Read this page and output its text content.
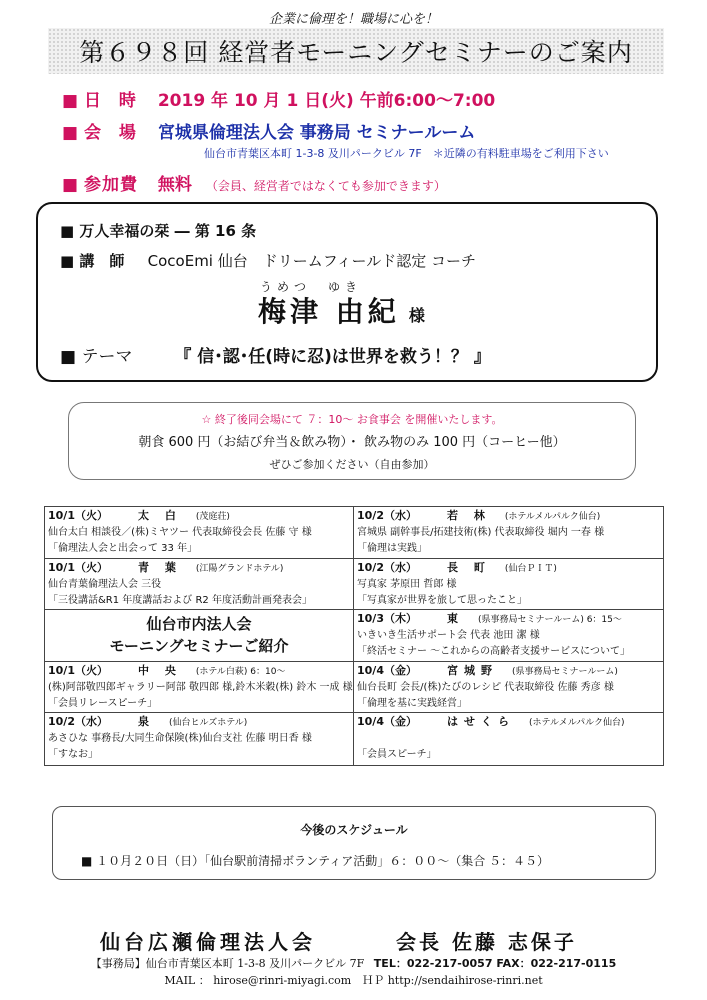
企業に倫理を！職場に心を！
第６９８回 経営者モーニングセミナーのご案内
■ 日 時 2019 年 10 月 1 日(火) 午前6:00～7:00
■ 会 場 宮城県倫理法人会 事務局 セミナールーム
仙台市青葉区本町 1-3-8 及川パークビル 7F　＊近隣の有料駐車場をご利用下さい
■ 参加費 無料 （会員、経営者ではなくても参加できます）
■ 万人幸福の栞 ― 第 16 条
■ 講　師 CocoEmi 仙台　ドリームフィールド認定 コーチ
うめつ　ゆき
梅津 由紀 様
■ テーマ 『 信･認･任(時に忍)は世界を救う！？ 』
☆ 終了後同会場にて ７：10～ お食事会 を開催いたします。
朝食 600 円（お結び弁当＆飲み物）・ 飲み物のみ 100 円（コーヒー他）
ぜひご参加ください（自由参加）
10/1（火）	太 白 (茂庭荘)
仙台太白 相談役／(株)ミヤツー 代表取締役会長 佐藤 守 様
「倫理法人会と出会って 33 年」
10/2（水）	若 林 (ホテルメルパルク仙台)
宮城県 副幹事長/拓建技術(株) 代表取締役 堀内 一春 様
「倫理は実践」
10/1（火）	青 葉 (江陽グランドホテル)
仙台青葉倫理法人会 三役
「三役講話&R1 年度講話および R2 年度活動計画発表会」
10/2（水）	長 町 (仙台ＰＩＴ)
写真家 茅原田 哲郎 様
「写真家が世界を旅して思ったこと」
仙台市内法人会
モーニングセミナーご紹介
10/3（木）	東 (県事務局セミナールーム) 6：15～
いきいき生活サポート会 代表 池田 潔 様
「終活セミナー ～これからの高齢者支援サービスについて」
10/1（火）	中 央 (ホテル白萩) 6：10～
(株)阿部敬四郎ギャラリー阿部 敬四郎 様,鈴木米穀(株) 鈴木 一成 様
「会員リレースピーチ」
10/4（金）	宮城野 (県事務局セミナールーム)
仙台長町 会長/(株)たびのレシピ 代表取締役 佐藤 秀彦 様
「倫理を基に実践経営」
10/2（水）	泉 (仙台ヒルズホテル)
あさひな 事務長/大同生命保険(株)仙台支社 佐藤 明日香 様
「すなお」
10/4（金）	はせくら (ホテルメルパルク仙台)

「会員スピーチ」
今後のスケジュール
■ １０月２０日（日）「仙台駅前清掃ボランティア活動」６：００～（集合 ５：４５）
仙台広瀬倫理法人会	会長 佐藤 志保子
【事務局】仙台市青葉区本町 1-3-8 及川パークビル 7F TEL：022-217-0057 FAX：022-217-0115
MAIL ： hirose@rinri-miyagi.com　ＨＰ http://sendaihirose-rinri.net
